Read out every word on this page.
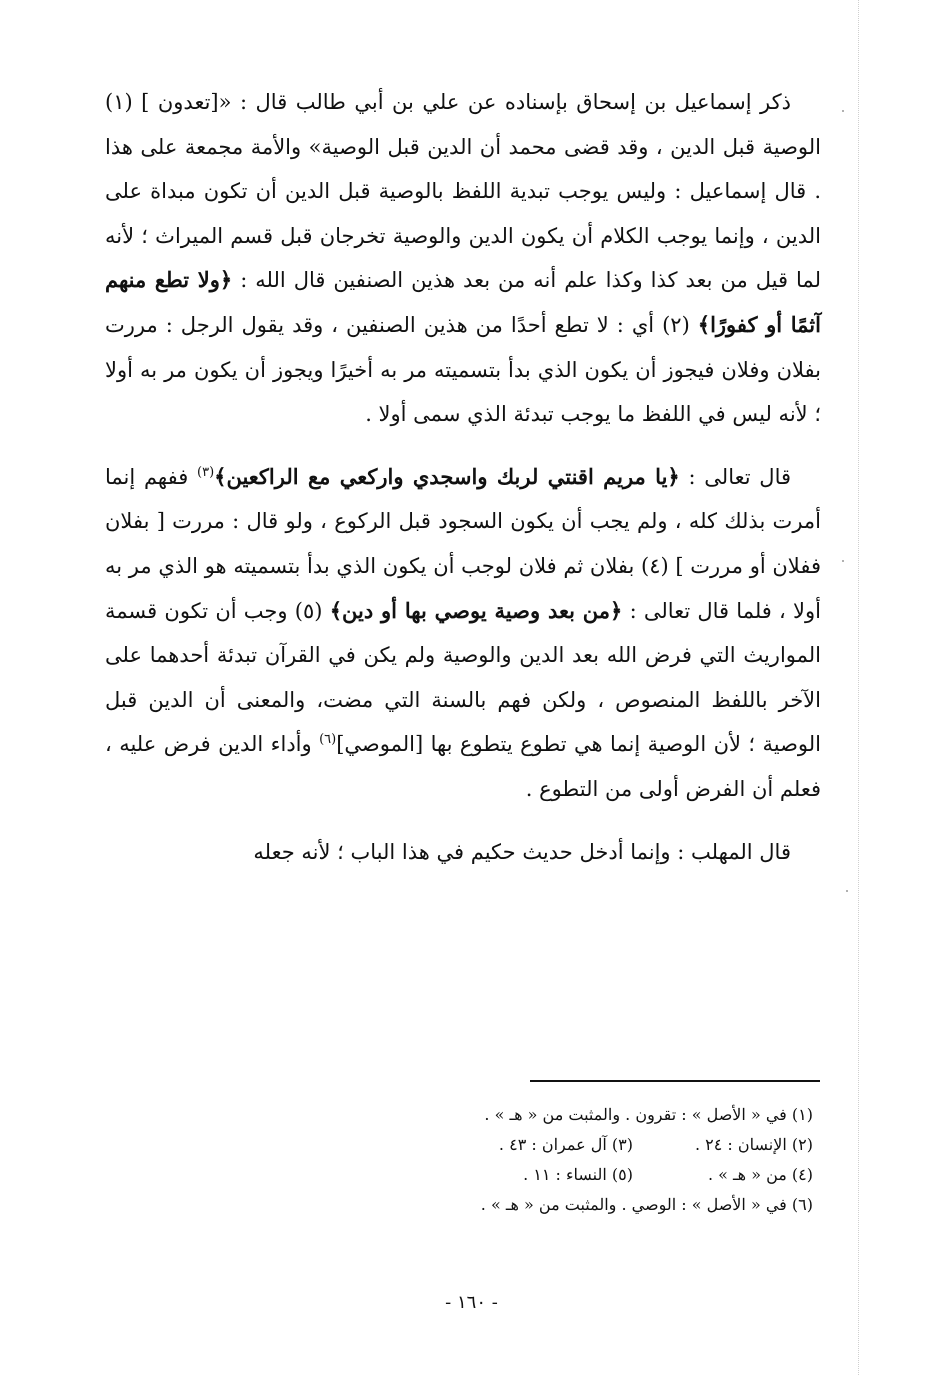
ذكر إسماعيل بن إسحاق بإسناده عن علي بن أبي طالب قال : «[تعدون ] (١) الوصية قبل الدين ، وقد قضى محمد أن الدين قبل الوصية» والأمة مجمعة على هذا . قال إسماعيل : وليس يوجب تبدية اللفظ بالوصية قبل الدين أن تكون مبداة على الدين ، وإنما يوجب الكلام أن يكون الدين والوصية تخرجان قبل قسم الميراث ؛ لأنه لما قيل من بعد كذا وكذا علم أنه من بعد هذين الصنفين قال الله : ﴿ولا تطع منهم آثمًا أو كفورًا﴾ (٢) أي : لا تطع أحدًا من هذين الصنفين ، وقد يقول الرجل : مررت بفلان وفلان فيجوز أن يكون الذي بدأ بتسميته مر به أخيرًا ويجوز أن يكون مر به أولا ؛ لأنه ليس في اللفظ ما يوجب تبدئة الذي سمى أولا .

قال تعالى : ﴿يا مريم اقنتي لربك واسجدي واركعي مع الراكعين﴾$^{(٣)}$ ففهم إنما أمرت بذلك كله ، ولم يجب أن يكون السجود قبل الركوع ، ولو قال : مررت [ بفلان ففلان أو مررت ] (٤) بفلان ثم فلان لوجب أن يكون الذي بدأ بتسميته هو الذي مر به أولا ، فلما قال تعالى : ﴿من بعد وصية يوصي بها أو دين﴾ (٥) وجب أن تكون قسمة المواريث التي فرض الله بعد الدين والوصية ولم يكن في القرآن تبدئة أحدهما على الآخر باللفظ المنصوص ، ولكن فهم بالسنة التي مضت، والمعنى أن الدين قبل الوصية ؛ لأن الوصية إنما هي تطوع يتطوع بها [الموصي]$^{(٦)}$ وأداء الدين فرض عليه ، فعلم أن الفرض أولى من التطوع .

قال المهلب : وإنما أدخل حديث حكيم في هذا الباب ؛ لأنه جعله

(١) في « الأصل » : تقرون . والمثبت من « هـ » .
(٢) الإنسان : ٢٤ .
(٣) آل عمران : ٤٣ .
(٤) من « هـ » .
(٥) النساء : ١١ .
(٦) في « الأصل » : الوصي . والمثبت من « هـ » .
- ١٦٠ -
